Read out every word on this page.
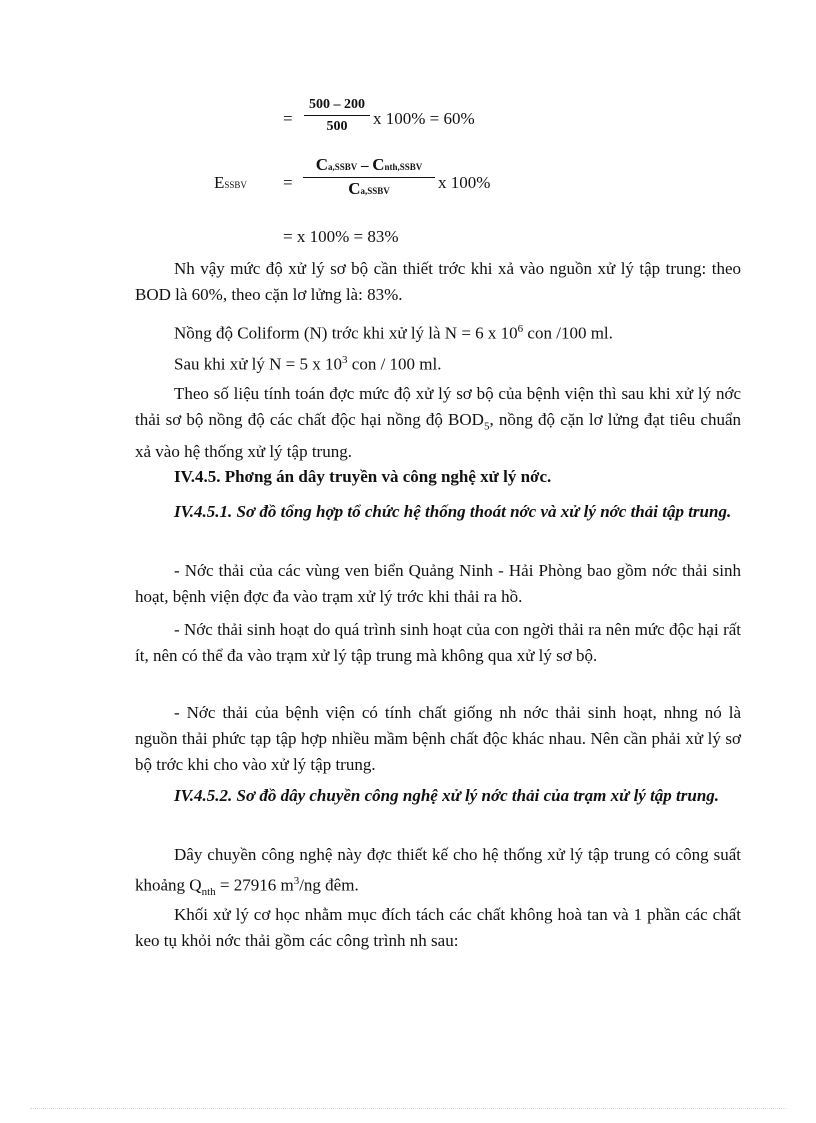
=
500 – 200
500 x 100% = 60%
ESSBV =
Ca,SSBV – Cnth,SSBV
Ca,SSBV	x 100%
= x 100% = 83%

Nh vậy mức độ xử lý sơ bộ cần thiết trớc khi xả vào nguồn xử lý tập trung: theo BOD là 60%, theo cặn lơ lửng là: 83%.

Nồng độ Coliform (N) trớc khi xử lý là N = 6 x $10^6$ con /100 ml.

Sau khi xử lý N = 5 x $10^3$ con / 100 ml.

Theo số liệu tính toán đợc mức độ xử lý sơ bộ của bệnh viện thì sau khi xử lý nớc thải sơ bộ nồng độ các chất độc hại nồng độ $BOD_5$, nồng độ cặn lơ lửng đạt tiêu chuẩn xả vào hệ thống xử lý tập trung.

IV.4.5. Phơng án dây truyền và công nghệ xử lý nớc.

IV.4.5.1. Sơ đồ tổng hợp tổ chức hệ thống thoát nớc và xử lý nớc thải tập trung.

- Nớc thải của các vùng ven biển Quảng Ninh - Hải Phòng bao gồm nớc thải sinh hoạt, bệnh viện đợc đa vào trạm xử lý trớc khi thải ra hồ.

- Nớc thải sinh hoạt do quá trình sinh hoạt của con ngời thải ra nên mức độc hại rất ít, nên có thể đa vào trạm xử lý tập trung mà không qua xử lý sơ bộ.

- Nớc thải của bệnh viện có tính chất giống nh nớc thải sinh hoạt, nhng nó là nguồn thải phức tạp tập hợp nhiều mầm bệnh chất độc khác nhau. Nên cần phải xử lý sơ bộ trớc khi cho vào xử lý tập trung.

IV.4.5.2. Sơ đồ dây chuyền công nghệ xử lý nớc thải của trạm xử lý tập trung.

Dây chuyền công nghệ này đợc thiết kế cho hệ thống xử lý tập trung có công suất khoảng $Q_{nth} = 27916$ $m^3/ng$ đêm.

Khối xử lý cơ học nhằm mục đích tách các chất không hoà tan và 1 phần các chất keo tụ khỏi nớc thải gồm các công trình nh sau:
